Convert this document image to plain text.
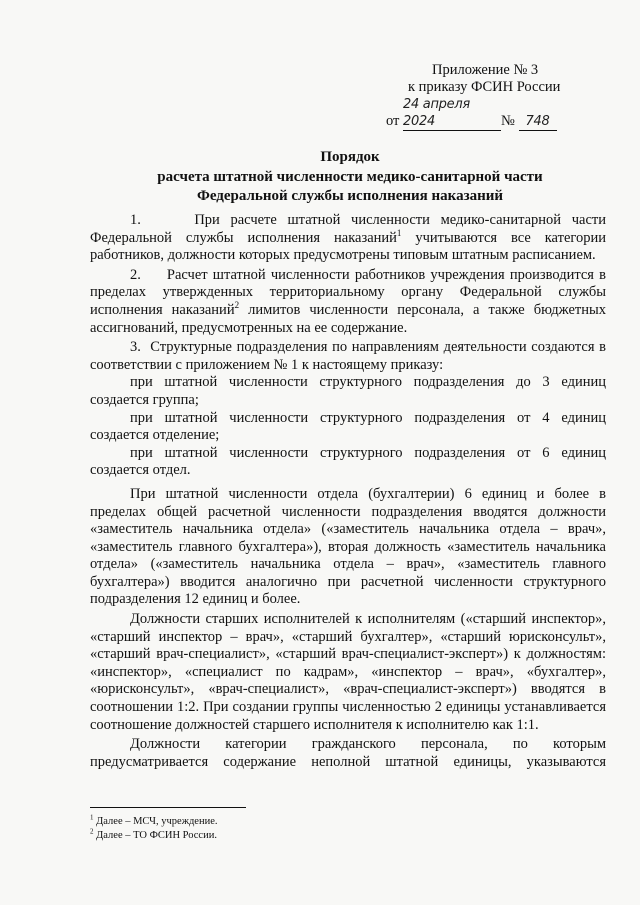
Приложение № 3
к приказу ФСИН России
от 24 апреля 2024	№ 748
Порядок
расчета штатной численности медико-санитарной части
Федеральной службы исполнения наказаний

1.	При расчете штатной численности медико-санитарной части Федеральной службы исполнения наказаний$^1$ учитываются все категории работников, должности которых предусмотрены типовым штатным расписанием.

2. Расчет штатной численности работников учреждения производится в пределах утвержденных территориальному органу Федеральной службы исполнения наказаний$^2$ лимитов численности персонала, а также бюджетных ассигнований, предусмотренных на ее содержание.

3. Структурные подразделения по направлениям деятельности создаются в соответствии с приложением № 1 к настоящему приказу:

при штатной численности структурного подразделения до 3 единиц создается группа;

при штатной численности структурного подразделения от 4 единиц создается отделение;

при штатной численности структурного подразделения от 6 единиц создается отдел.

При штатной численности отдела (бухгалтерии) 6 единиц и более в пределах общей расчетной численности подразделения вводятся должности «заместитель начальника отдела» («заместитель начальника отдела – врач», «заместитель главного бухгалтера»), вторая должность «заместитель начальника отдела» («заместитель начальника отдела – врач», «заместитель главного бухгалтера») вводится аналогично при расчетной численности структурного подразделения 12 единиц и более.

Должности старших исполнителей к исполнителям («старший инспектор», «старший инспектор – врач», «старший бухгалтер», «старший юрисконсульт», «старший врач-специалист», «старший врач-специалист-эксперт») к должностям: «инспектор», «специалист по кадрам», «инспектор – врач», «бухгалтер», «юрисконсульт», «врач-специалист», «врач-специалист-эксперт») вводятся в соотношении 1:2. При создании группы численностью 2 единицы устанавливается соотношение должностей старшего исполнителя к исполнителю как 1:1.

Должности категории гражданского персонала, по которым предусматривается содержание неполной штатной единицы, указываются

$^1$ Далее – МСЧ, учреждение.
$^2$ Далее – ТО ФСИН России.
